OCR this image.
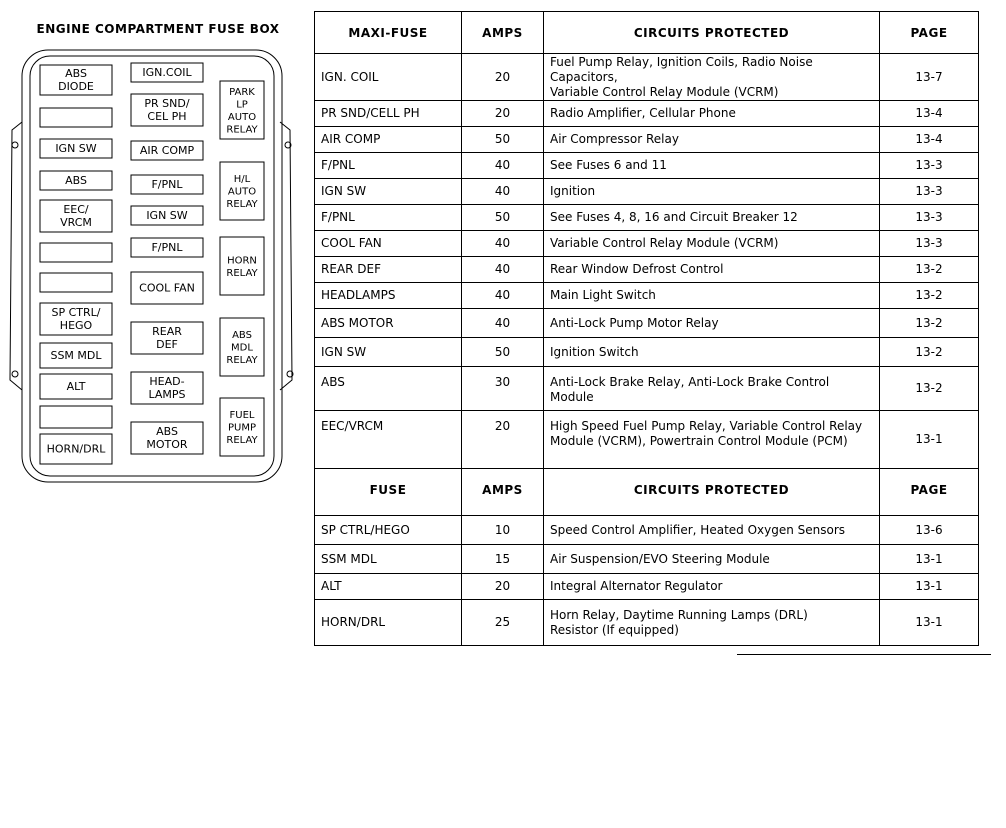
ENGINE COMPARTMENT FUSE BOX
ABS
DIODE
IGN SW
ABS
EEC/
VRCM
SP CTRL/
HEGO
SSM MDL
ALT
HORN/DRL
IGN.COIL
PR SND/
CEL PH
AIR COMP
F/PNL
IGN SW
F/PNL
COOL FAN
REAR
DEF
HEAD-
LAMPS
ABS
MOTOR
PARK
LP
AUTO
RELAY
H/L
AUTO
RELAY
HORN
RELAY
ABS
MDL
RELAY
FUEL
PUMP
RELAY
MAXI-FUSE	AMPS	CIRCUITS PROTECTED	PAGE
IGN. COIL	20	Fuel Pump Relay, Ignition Coils, Radio Noise Capacitors,
Variable Control Relay Module (VCRM)	13-7
PR SND/CELL PH	20	Radio Amplifier, Cellular Phone	13-4
AIR COMP	50	Air Compressor Relay	13-4
F/PNL	40	See Fuses 6 and 11	13-3
IGN SW	40	Ignition	13-3
F/PNL	50	See Fuses 4, 8, 16 and Circuit Breaker 12	13-3
COOL FAN	40	Variable Control Relay Module (VCRM)	13-3
REAR DEF	40	Rear Window Defrost Control	13-2
HEADLAMPS	40	Main Light Switch	13-2
ABS MOTOR	40	Anti-Lock Pump Motor Relay	13-2
IGN SW	50	Ignition Switch	13-2
ABS	30	Anti-Lock Brake Relay, Anti-Lock Brake Control Module	13-2
EEC/VRCM	20	High Speed Fuel Pump Relay, Variable Control Relay
Module (VCRM), Powertrain Control Module (PCM)	13-1
FUSE	AMPS	CIRCUITS PROTECTED	PAGE
SP CTRL/HEGO	10	Speed Control Amplifier, Heated Oxygen Sensors	13-6
SSM MDL	15	Air Suspension/EVO Steering Module	13-1
ALT	20	Integral Alternator Regulator	13-1
HORN/DRL	25	Horn Relay, Daytime Running Lamps (DRL)
Resistor (If equipped)	13-1
